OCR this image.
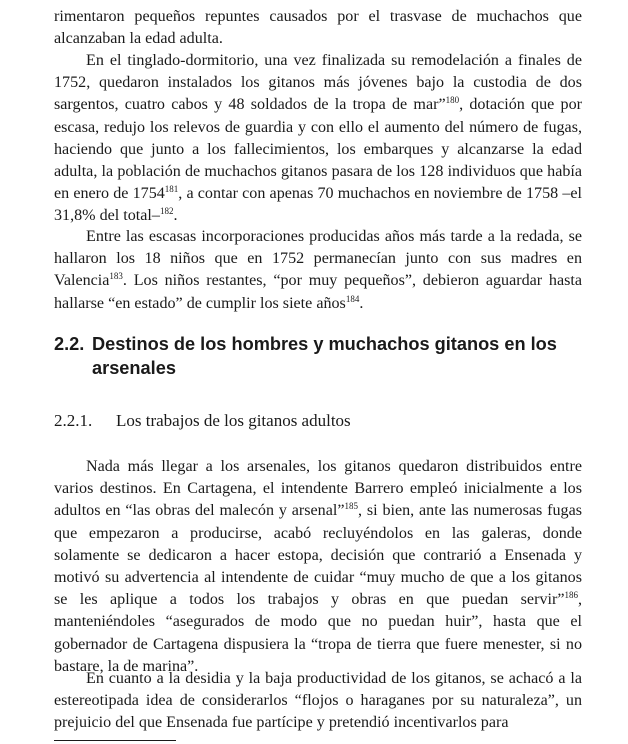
rimentaron pequeños repuntes causados por el trasvase de muchachos que alcanzaban la edad adulta.

En el tinglado-dormitorio, una vez finalizada su remodelación a finales de 1752, quedaron instalados los gitanos más jóvenes bajo la custodia de dos sargentos, cuatro cabos y 48 soldados de la tropa de mar”$^{180}$, dotación que por escasa, redujo los relevos de guardia y con ello el aumento del número de fugas, haciendo que junto a los fallecimientos, los embarques y alcanzarse la edad adulta, la población de muchachos gitanos pasara de los 128 individuos que había en enero de 1754$^{181}$, a contar con apenas 70 muchachos en noviembre de 1758 –el 31,8% del total–$^{182}$.

Entre las escasas incorporaciones producidas años más tarde a la redada, se hallaron los 18 niños que en 1752 permanecían junto con sus madres en Valencia$^{183}$. Los niños restantes, “por muy pequeños”, debieron aguardar hasta hallarse “en estado” de cumplir los siete años$^{184}$.

2.2. Destinos de los hombres y muchachos gitanos en los
arsenales
2.2.1. Los trabajos de los gitanos adultos

Nada más llegar a los arsenales, los gitanos quedaron distribuidos entre varios destinos. En Cartagena, el intendente Barrero empleó inicialmente a los adultos en “las obras del malecón y arsenal”$^{185}$, si bien, ante las numerosas fugas que empezaron a producirse, acabó recluyéndolos en las galeras, donde solamente se dedicaron a hacer estopa, decisión que contrarió a Ensenada y motivó su advertencia al intendente de cuidar “muy mucho de que a los gitanos se les aplique a todos los trabajos y obras en que puedan servir”$^{186}$, manteniéndoles “asegurados de modo que no puedan huir”, hasta que el gobernador de Cartagena dispusiera la “tropa de tierra que fuere menester, si no bastare, la de marina”.

En cuanto a la desidia y la baja productividad de los gitanos, se achacó a la estereotipada idea de considerarlos “flojos o haraganes por su naturaleza”, un prejuicio del que Ensenada fue partícipe y pretendió incentivarlos para
